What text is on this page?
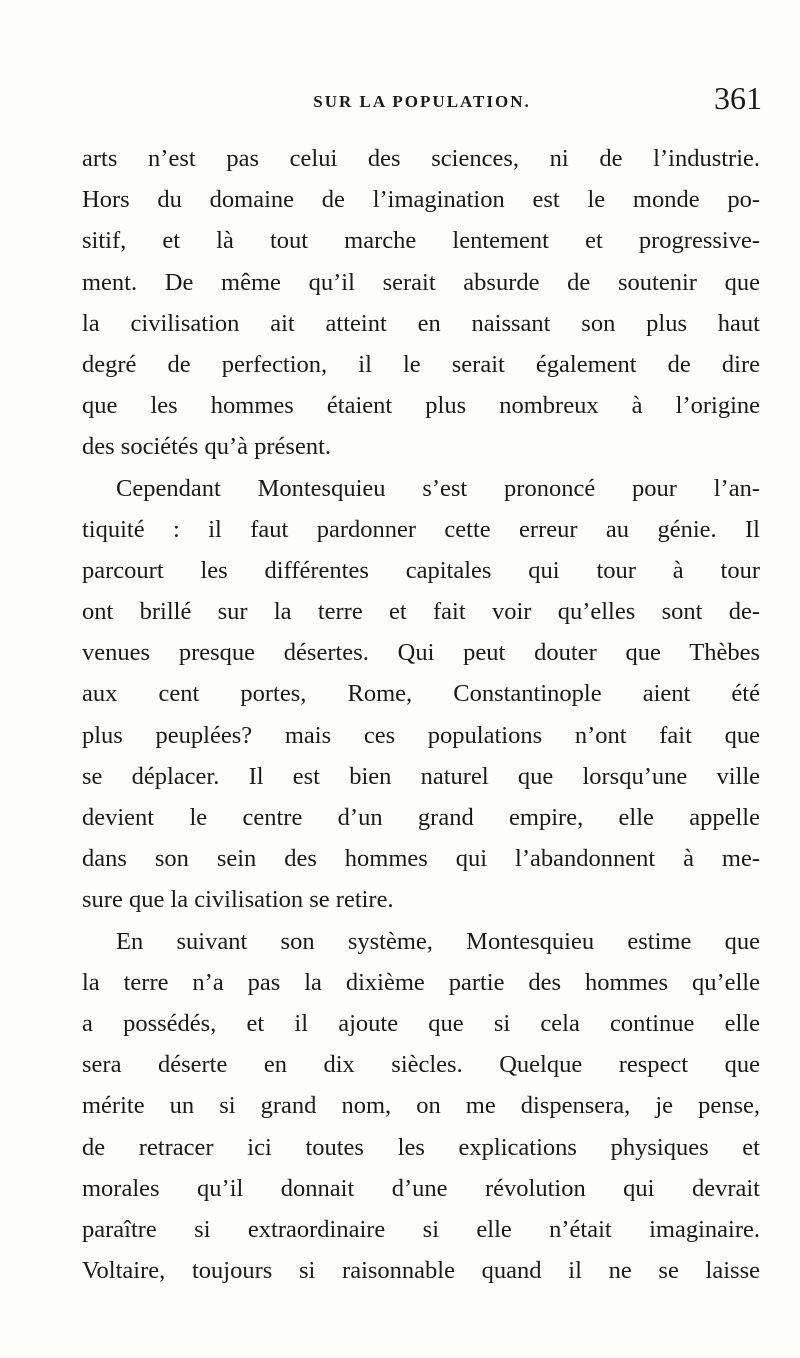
SUR LA POPULATION.	361
arts n’est pas celui des sciences, ni de l’industrie.
Hors du domaine de l’imagination est le monde po-
sitif, et là tout marche lentement et progressive-
ment. De même qu’il serait absurde de soutenir que
la civilisation ait atteint en naissant son plus haut
degré de perfection, il le serait également de dire
que les hommes étaient plus nombreux à l’origine
des sociétés qu’à présent.
Cependant Montesquieu s’est prononcé pour l’an-
tiquité : il faut pardonner cette erreur au génie. Il
parcourt les différentes capitales qui tour à tour
ont brillé sur la terre et fait voir qu’elles sont de-
venues presque désertes. Qui peut douter que Thèbes
aux cent portes, Rome, Constantinople aient été
plus peuplées? mais ces populations n’ont fait que
se déplacer. Il est bien naturel que lorsqu’une ville
devient le centre d’un grand empire, elle appelle
dans son sein des hommes qui l’abandonnent à me-
sure que la civilisation se retire.
En suivant son système, Montesquieu estime que
la terre n’a pas la dixième partie des hommes qu’elle
a possédés, et il ajoute que si cela continue elle
sera déserte en dix siècles. Quelque respect que
mérite un si grand nom, on me dispensera, je pense,
de retracer ici toutes les explications physiques et
morales qu’il donnait d’une révolution qui devrait
paraître si extraordinaire si elle n’était imaginaire.
Voltaire, toujours si raisonnable quand il ne se laisse
